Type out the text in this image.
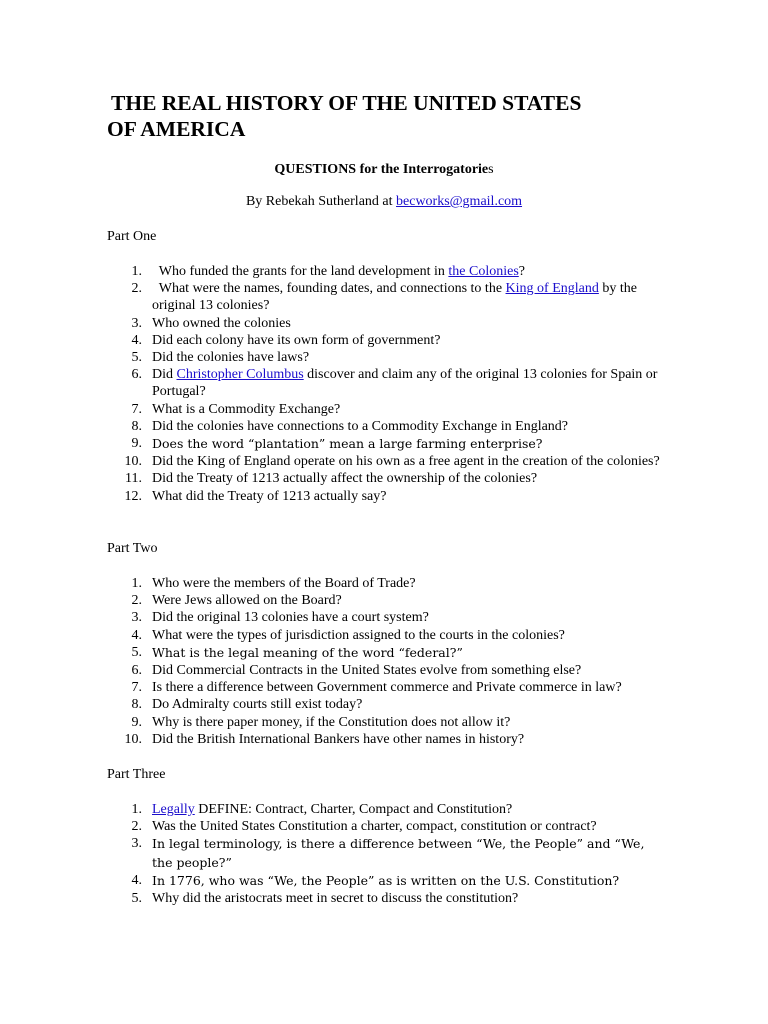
THE REAL HISTORY OF THE UNITED STATES
OF AMERICA
QUESTIONS for the Interrogatories
By Rebekah Sutherland at becworks@gmail.com

Part One

1. Who funded the grants for the land development in the Colonies?
2. What were the names, founding dates, and connections to the King of England by the original 13 colonies?
3. Who owned the colonies
4. Did each colony have its own form of government?
5. Did the colonies have laws?
6. Did Christopher Columbus discover and claim any of the original 13 colonies for Spain or Portugal?
7. What is a Commodity Exchange?
8. Did the colonies have connections to a Commodity Exchange in England?
9. Does the word “plantation” mean a large farming enterprise?
10. Did the King of England operate on his own as a free agent in the creation of the colonies?
11. Did the Treaty of 1213 actually affect the ownership of the colonies?
12. What did the Treaty of 1213 actually say?

Part Two

1. Who were the members of the Board of Trade?
2. Were Jews allowed on the Board?
3. Did the original 13 colonies have a court system?
4. What were the types of jurisdiction assigned to the courts in the colonies?
5. What is the legal meaning of the word “federal?”
6. Did Commercial Contracts in the United States evolve from something else?
7. Is there a difference between Government commerce and Private commerce in law?
8. Do Admiralty courts still exist today?
9. Why is there paper money, if the Constitution does not allow it?
10. Did the British International Bankers have other names in history?

Part Three

1. Legally DEFINE: Contract, Charter, Compact and Constitution?
2. Was the United States Constitution a charter, compact, constitution or contract?
3. In legal terminology, is there a difference between “We, the People” and “We, the people?”
4. In 1776, who was “We, the People” as is written on the U.S. Constitution?
5. Why did the aristocrats meet in secret to discuss the constitution?
